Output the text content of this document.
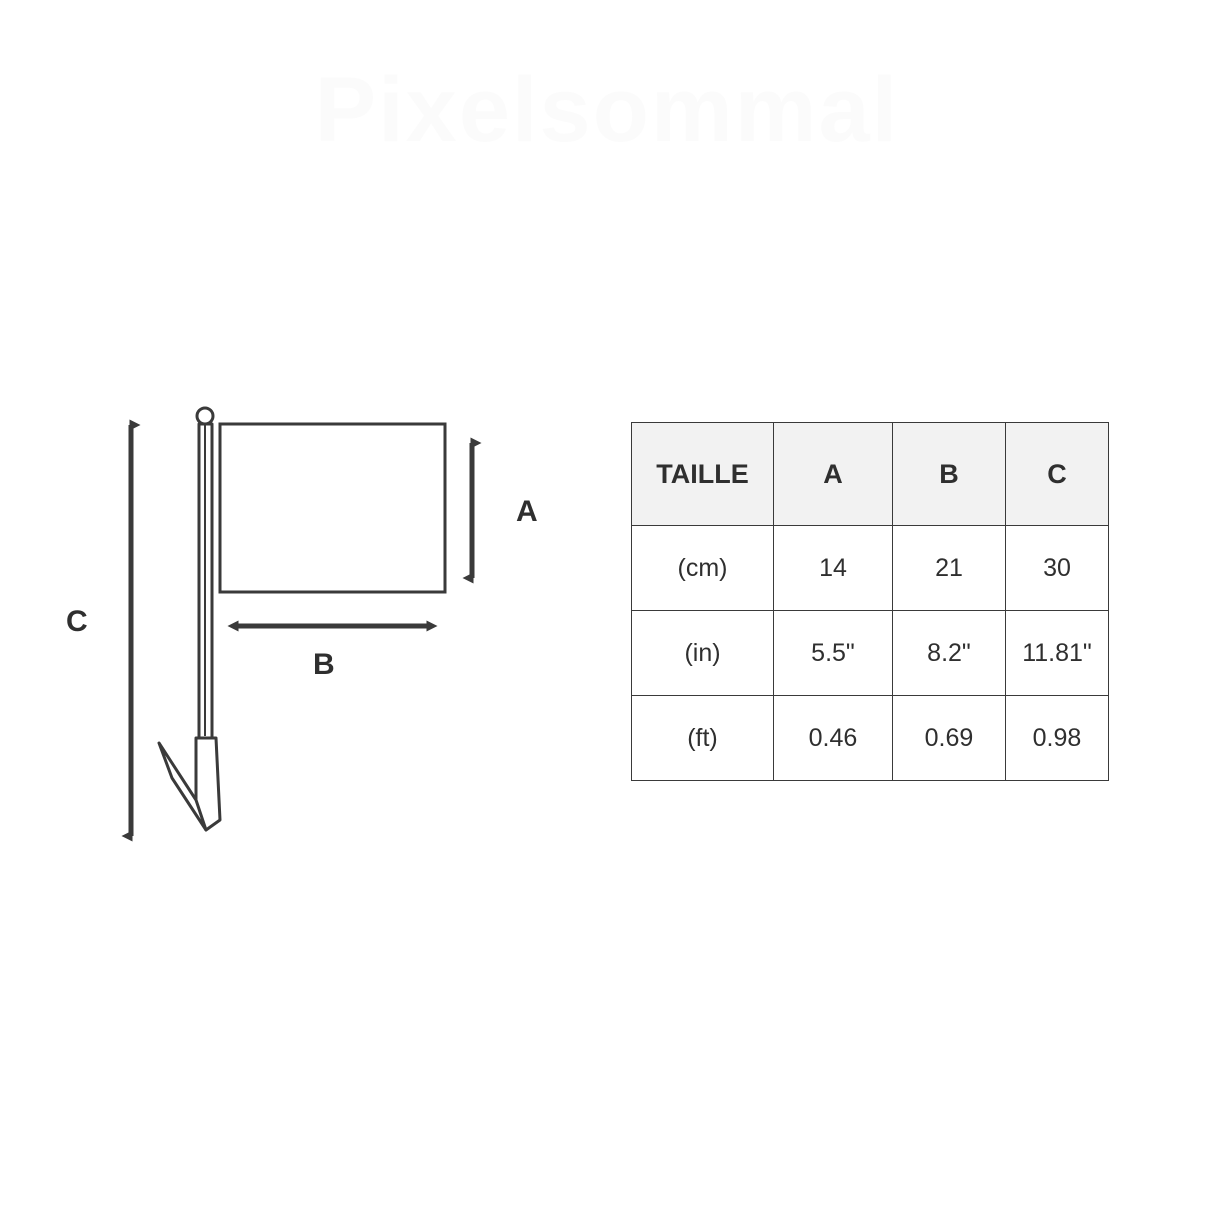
Pixelsommal
A
B
C
TAILLE	A	B	C
(cm)	14	21	30
(in)	5.5"	8.2"	11.81"
(ft)	0.46	0.69	0.98
